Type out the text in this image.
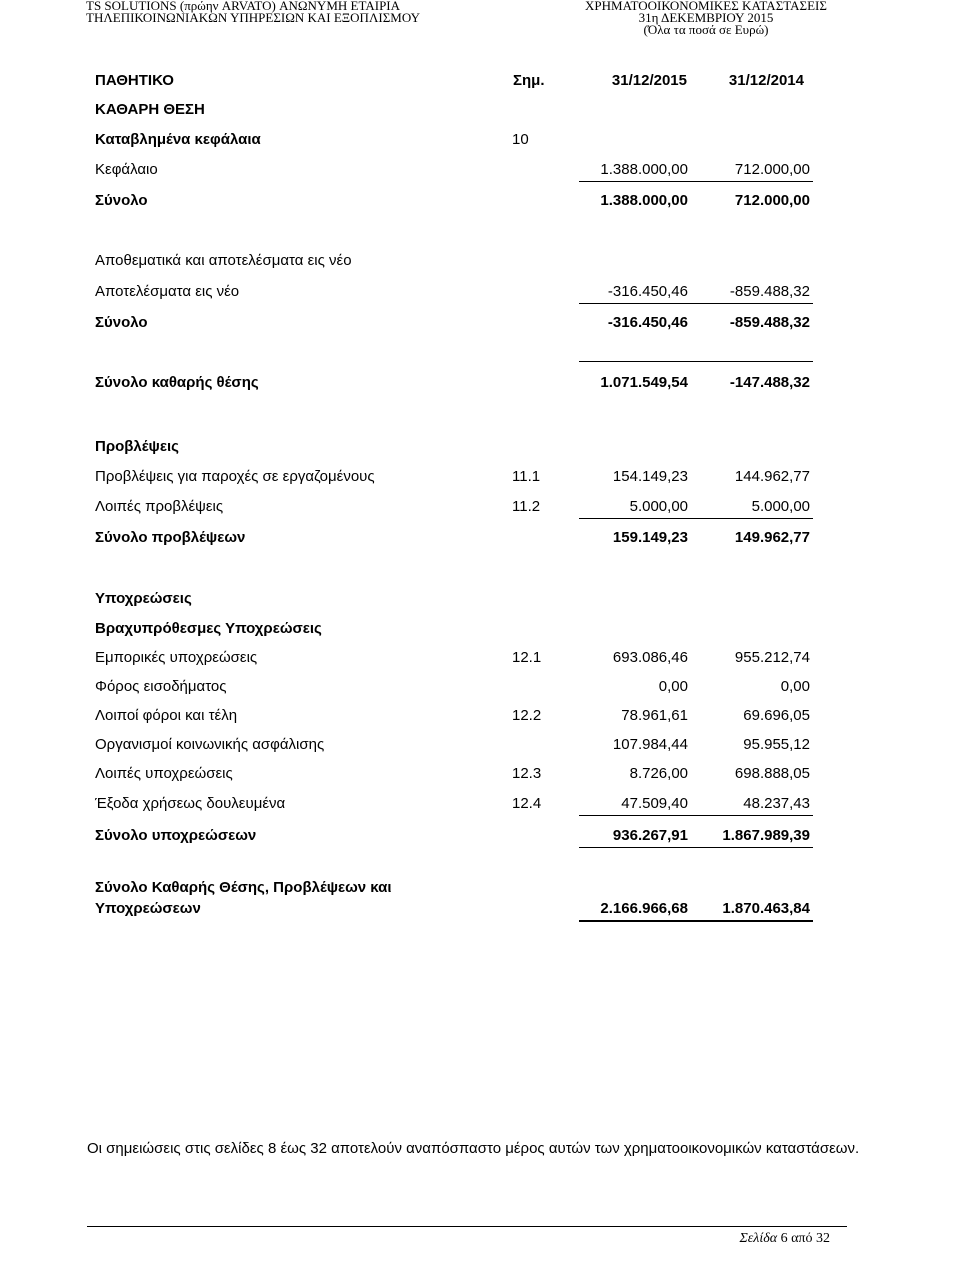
TS SOLUTIONS (πρώην ARVATO) ΑΝΩΝΥΜΗ ΕΤΑΙΡΙΑ
ΤΗΛΕΠΙΚΟΙΝΩΝΙΑΚΩΝ ΥΠΗΡΕΣΙΩΝ ΚΑΙ ΕΞΟΠΛΙΣΜΟΥ
ΧΡΗΜΑΤΟΟΙΚΟΝΟΜΙΚΕΣ ΚΑΤΑΣΤΑΣΕΙΣ
31η ΔΕΚΕΜΒΡΙΟΥ 2015
(Όλα τα ποσά σε Ευρώ)
ΠΑΘΗΤΙΚΟ	Σημ.	31/12/2015	31/12/2014
ΚΑΘΑΡΗ ΘΕΣΗ
Καταβλημένα κεφάλαια	10
Κεφάλαιο	1.388.000,00	712.000,00
Σύνολο	1.388.000,00	712.000,00
Αποθεματικά και αποτελέσματα εις νέο
Αποτελέσματα εις νέο	-316.450,46	-859.488,32
Σύνολο	-316.450,46	-859.488,32
Σύνολο καθαρής θέσης	1.071.549,54	-147.488,32
Προβλέψεις
Προβλέψεις για παροχές σε εργαζομένους	11.1	154.149,23	144.962,77
Λοιπές προβλέψεις	11.2	5.000,00	5.000,00
Σύνολο προβλέψεων	159.149,23	149.962,77
Υποχρεώσεις
Βραχυπρόθεσμες Υποχρεώσεις
Εμπορικές υποχρεώσεις	12.1	693.086,46	955.212,74
Φόρος εισοδήματος	0,00	0,00
Λοιποί φόροι και τέλη	12.2	78.961,61	69.696,05
Οργανισμοί κοινωνικής ασφάλισης	107.984,44	95.955,12
Λοιπές υποχρεώσεις	12.3	8.726,00	698.888,05
Έξοδα χρήσεως δουλευμένα	12.4	47.509,40	48.237,43
Σύνολο υποχρεώσεων	936.267,91 1.867.989,39
Σύνολο Καθαρής Θέσης, Προβλέψεων και
Υποχρεώσεων	2.166.966,68 1.870.463,84
Οι σημειώσεις στις σελίδες 8 έως 32 αποτελούν αναπόσπαστο μέρος αυτών των χρηματοοικονομικών καταστάσεων.
Σελίδα 6 από 32
